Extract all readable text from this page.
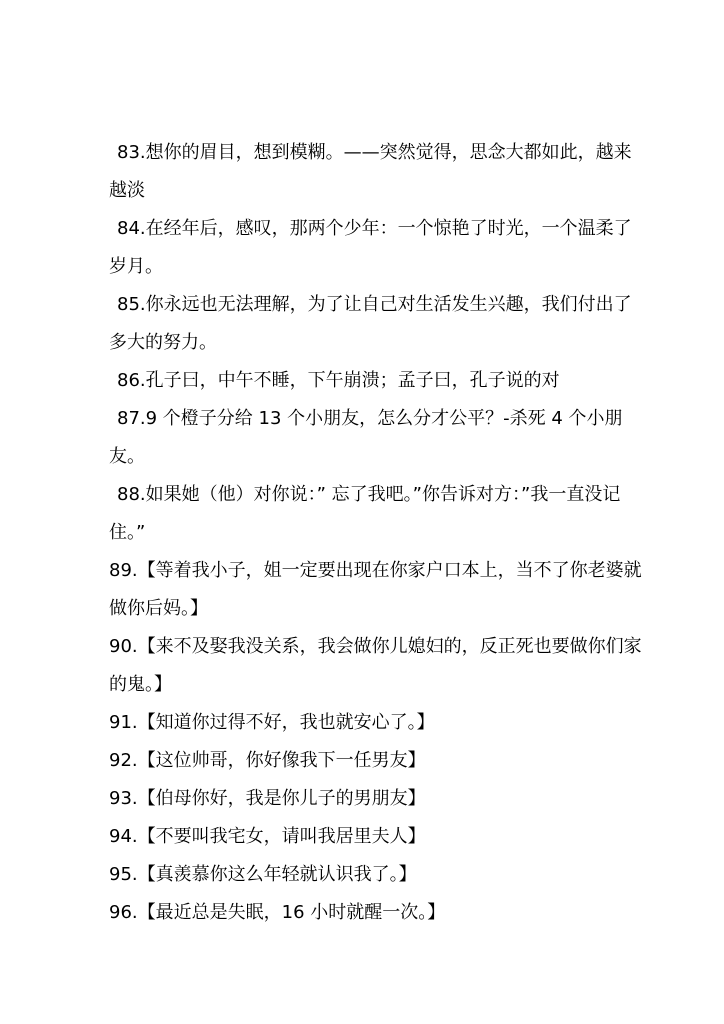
83.想你的眉目，想到模糊。——突然觉得，思念大都如此，越来越淡

84.在经年后，感叹，那两个少年：一个惊艳了时光，一个温柔了岁月。

85.你永远也无法理解，为了让自己对生活发生兴趣，我们付出了多大的努力。

86.孔子曰，中午不睡，下午崩溃；孟子曰，孔子说的对

87.9 个橙子分给 13 个小朋友，怎么分才公平？-杀死 4 个小朋友。

88.如果她（他）对你说：” 忘了我吧。”你告诉对方：”我一直没记住。”

89.【等着我小子，姐一定要出现在你家户口本上，当不了你老婆就做你后妈。】

90.【来不及娶我没关系，我会做你儿媳妇的，反正死也要做你们家的鬼。】

91.【知道你过得不好，我也就安心了。】

92.【这位帅哥，你好像我下一任男友】

93.【伯母你好，我是你儿子的男朋友】

94.【不要叫我宅女，请叫我居里夫人】

95.【真羡慕你这么年轻就认识我了。】

96.【最近总是失眠，16 小时就醒一次。】
